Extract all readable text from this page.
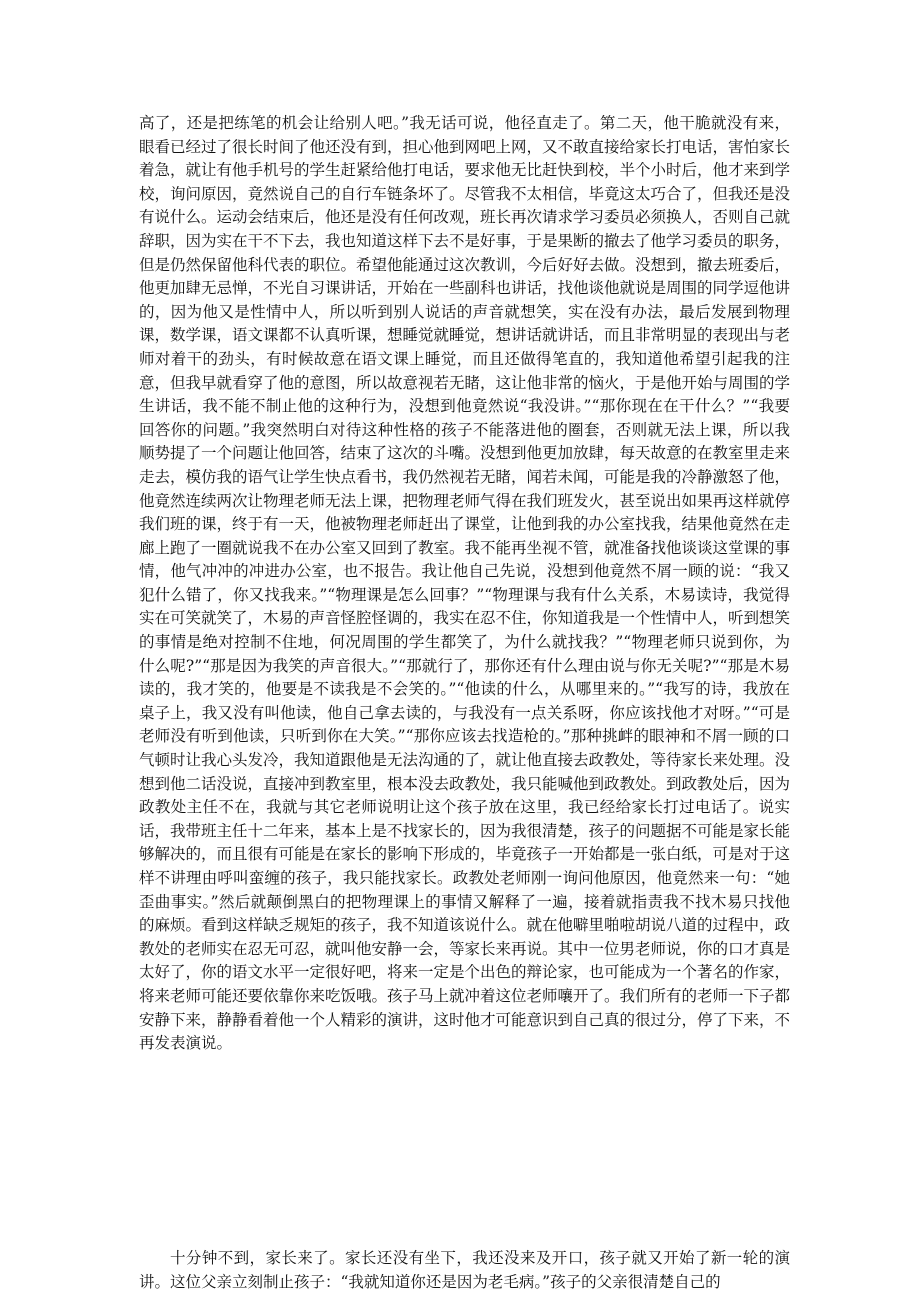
高了，还是把练笔的机会让给别人吧。”我无话可说，他径直走了。第二天，他干脆就没有来，眼看已经过了很长时间了他还没有到，担心他到网吧上网，又不敢直接给家长打电话，害怕家长着急，就让有他手机号的学生赶紧给他打电话，要求他无比赶快到校，半个小时后，他才来到学校，询问原因，竟然说自己的自行车链条坏了。尽管我不太相信，毕竟这太巧合了，但我还是没有说什么。运动会结束后，他还是没有任何改观，班长再次请求学习委员必须换人，否则自己就辞职，因为实在干不下去，我也知道这样下去不是好事，于是果断的撤去了他学习委员的职务，但是仍然保留他科代表的职位。希望他能通过这次教训，今后好好去做。没想到，撤去班委后，他更加肆无忌惮，不光自习课讲话，开始在一些副科也讲话，找他谈他就说是周围的同学逗他讲的，因为他又是性情中人，所以听到别人说话的声音就想笑，实在没有办法，最后发展到物理课，数学课，语文课都不认真听课，想睡觉就睡觉，想讲话就讲话，而且非常明显的表现出与老师对着干的劲头，有时候故意在语文课上睡觉，而且还做得笔直的，我知道他希望引起我的注意，但我早就看穿了他的意图，所以故意视若无睹，这让他非常的恼火，于是他开始与周围的学生讲话，我不能不制止他的这种行为，没想到他竟然说“我没讲。”“那你现在在干什么？”“我要回答你的问题。”我突然明白对待这种性格的孩子不能落进他的圈套，否则就无法上课，所以我顺势提了一个问题让他回答，结束了这次的斗嘴。没想到他更加放肆，每天故意的在教室里走来走去，模仿我的语气让学生快点看书，我仍然视若无睹，闻若未闻，可能是我的冷静激怒了他，他竟然连续两次让物理老师无法上课，把物理老师气得在我们班发火，甚至说出如果再这样就停我们班的课，终于有一天，他被物理老师赶出了课堂，让他到我的办公室找我，结果他竟然在走廊上跑了一圈就说我不在办公室又回到了教室。我不能再坐视不管，就准备找他谈谈这堂课的事情，他气冲冲的冲进办公室，也不报告。我让他自己先说，没想到他竟然不屑一顾的说：“我又犯什么错了，你又找我来。”“物理课是怎么回事？”“物理课与我有什么关系，木易读诗，我觉得实在可笑就笑了，木易的声音怪腔怪调的，我实在忍不住，你知道我是一个性情中人，听到想笑的事情是绝对控制不住地，何况周围的学生都笑了，为什么就找我？”“物理老师只说到你，为什么呢?”“那是因为我笑的声音很大。”“那就行了，那你还有什么理由说与你无关呢?”“那是木易读的，我才笑的，他要是不读我是不会笑的。”“他读的什么，从哪里来的。”“我写的诗，我放在桌子上，我又没有叫他读，他自己拿去读的，与我没有一点关系呀，你应该找他才对呀。”“可是老师没有听到他读，只听到你在大笑。”“那你应该去找造枪的。”那种挑衅的眼神和不屑一顾的口气顿时让我心头发冷，我知道跟他是无法沟通的了，就让他直接去政教处，等待家长来处理。没想到他二话没说，直接冲到教室里，根本没去政教处，我只能喊他到政教处。到政教处后，因为政教处主任不在，我就与其它老师说明让这个孩子放在这里，我已经给家长打过电话了。说实话，我带班主任十二年来，基本上是不找家长的，因为我很清楚，孩子的问题据不可能是家长能够解决的，而且很有可能是在家长的影响下形成的，毕竟孩子一开始都是一张白纸，可是对于这样不讲理由呼叫蛮缠的孩子，我只能找家长。政教处老师刚一询问他原因，他竟然来一句：“她歪曲事实。”然后就颠倒黑白的把物理课上的事情又解释了一遍，接着就指责我不找木易只找他的麻烦。看到这样缺乏规矩的孩子，我不知道该说什么。就在他噼里啪啦胡说八道的过程中，政教处的老师实在忍无可忍，就叫他安静一会，等家长来再说。其中一位男老师说，你的口才真是太好了，你的语文水平一定很好吧，将来一定是个出色的辩论家，也可能成为一个著名的作家，将来老师可能还要依靠你来吃饭哦。孩子马上就冲着这位老师嚷开了。我们所有的老师一下子都安静下来，静静看着他一个人精彩的演讲，这时他才可能意识到自己真的很过分，停了下来，不再发表演说。

十分钟不到，家长来了。家长还没有坐下，我还没来及开口，孩子就又开始了新一轮的演讲。这位父亲立刻制止孩子：“我就知道你还是因为老毛病。”孩子的父亲很清楚自己的
